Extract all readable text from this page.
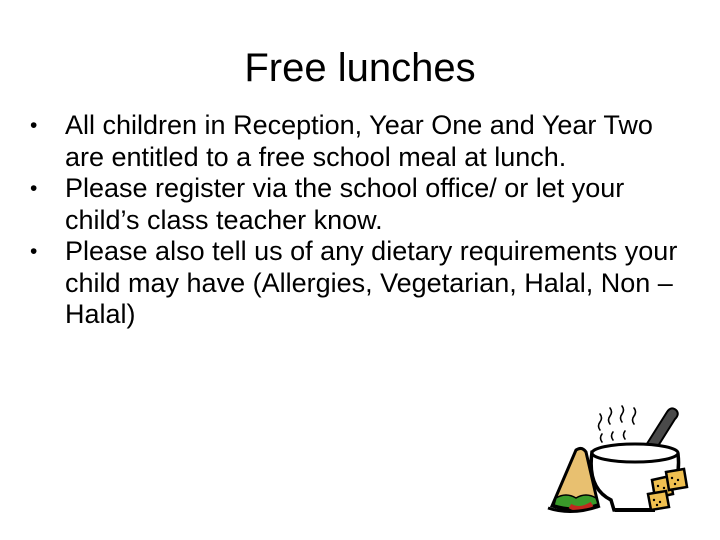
Free lunches
• All children in Reception, Year One and Year Two are entitled to a free school meal at lunch.
• Please register via the school office/ or let your child’s class teacher know.
• Please also tell us of any dietary requirements your child may have (Allergies, Vegetarian, Halal, Non – Halal)
